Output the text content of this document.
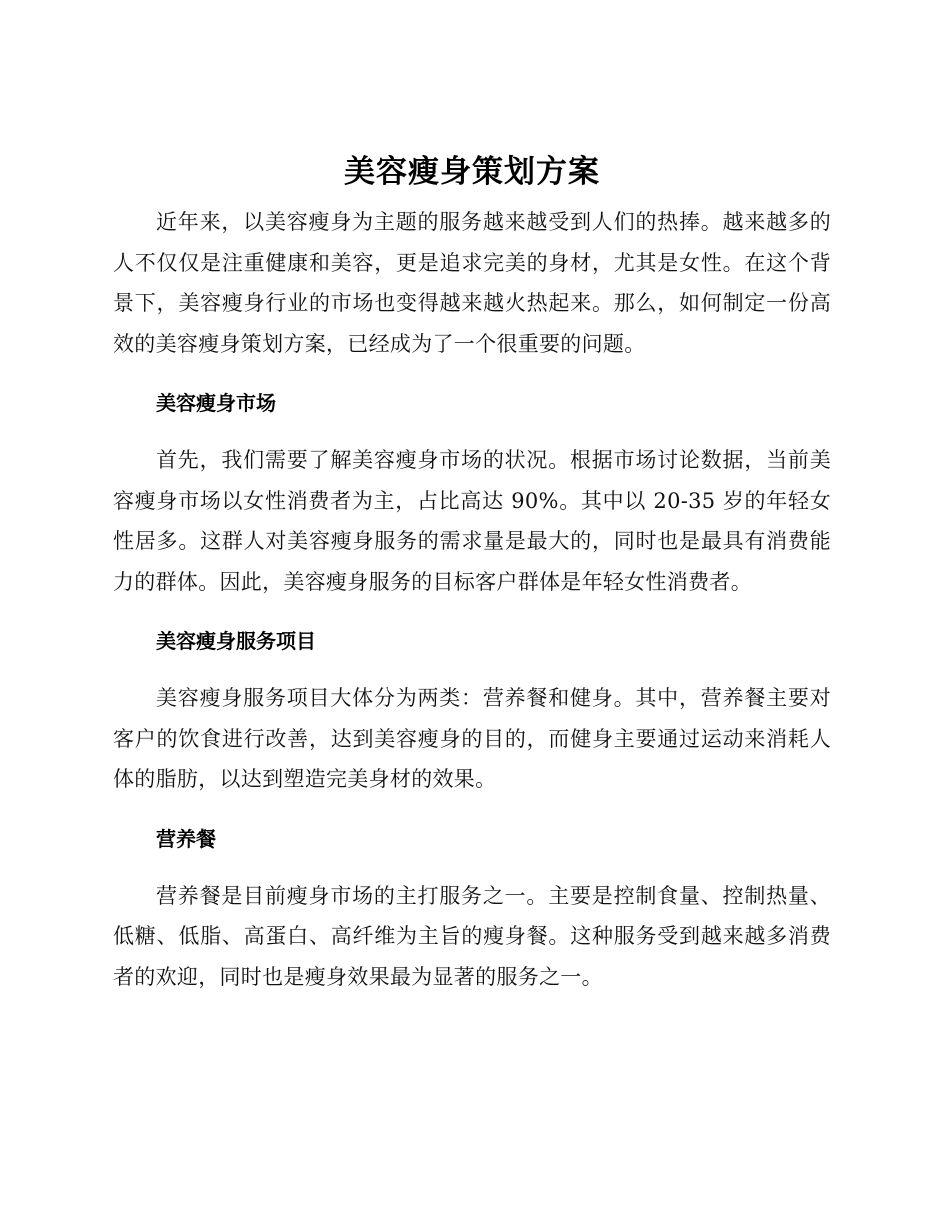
美容瘦身策划方案

近年来，以美容瘦身为主题的服务越来越受到人们的热捧。越来越多的人不仅仅是注重健康和美容，更是追求完美的身材，尤其是女性。在这个背景下，美容瘦身行业的市场也变得越来越火热起来。那么，如何制定一份高效的美容瘦身策划方案，已经成为了一个很重要的问题。

美容瘦身市场

首先，我们需要了解美容瘦身市场的状况。根据市场讨论数据，当前美容瘦身市场以女性消费者为主，占比高达 90%。其中以 20-35 岁的年轻女性居多。这群人对美容瘦身服务的需求量是最大的，同时也是最具有消费能力的群体。因此，美容瘦身服务的目标客户群体是年轻女性消费者。

美容瘦身服务项目

美容瘦身服务项目大体分为两类：营养餐和健身。其中，营养餐主要对客户的饮食进行改善，达到美容瘦身的目的，而健身主要通过运动来消耗人体的脂肪，以达到塑造完美身材的效果。

营养餐

营养餐是目前瘦身市场的主打服务之一。主要是控制食量、控制热量、低糖、低脂、高蛋白、高纤维为主旨的瘦身餐。这种服务受到越来越多消费者的欢迎，同时也是瘦身效果最为显著的服务之一。
